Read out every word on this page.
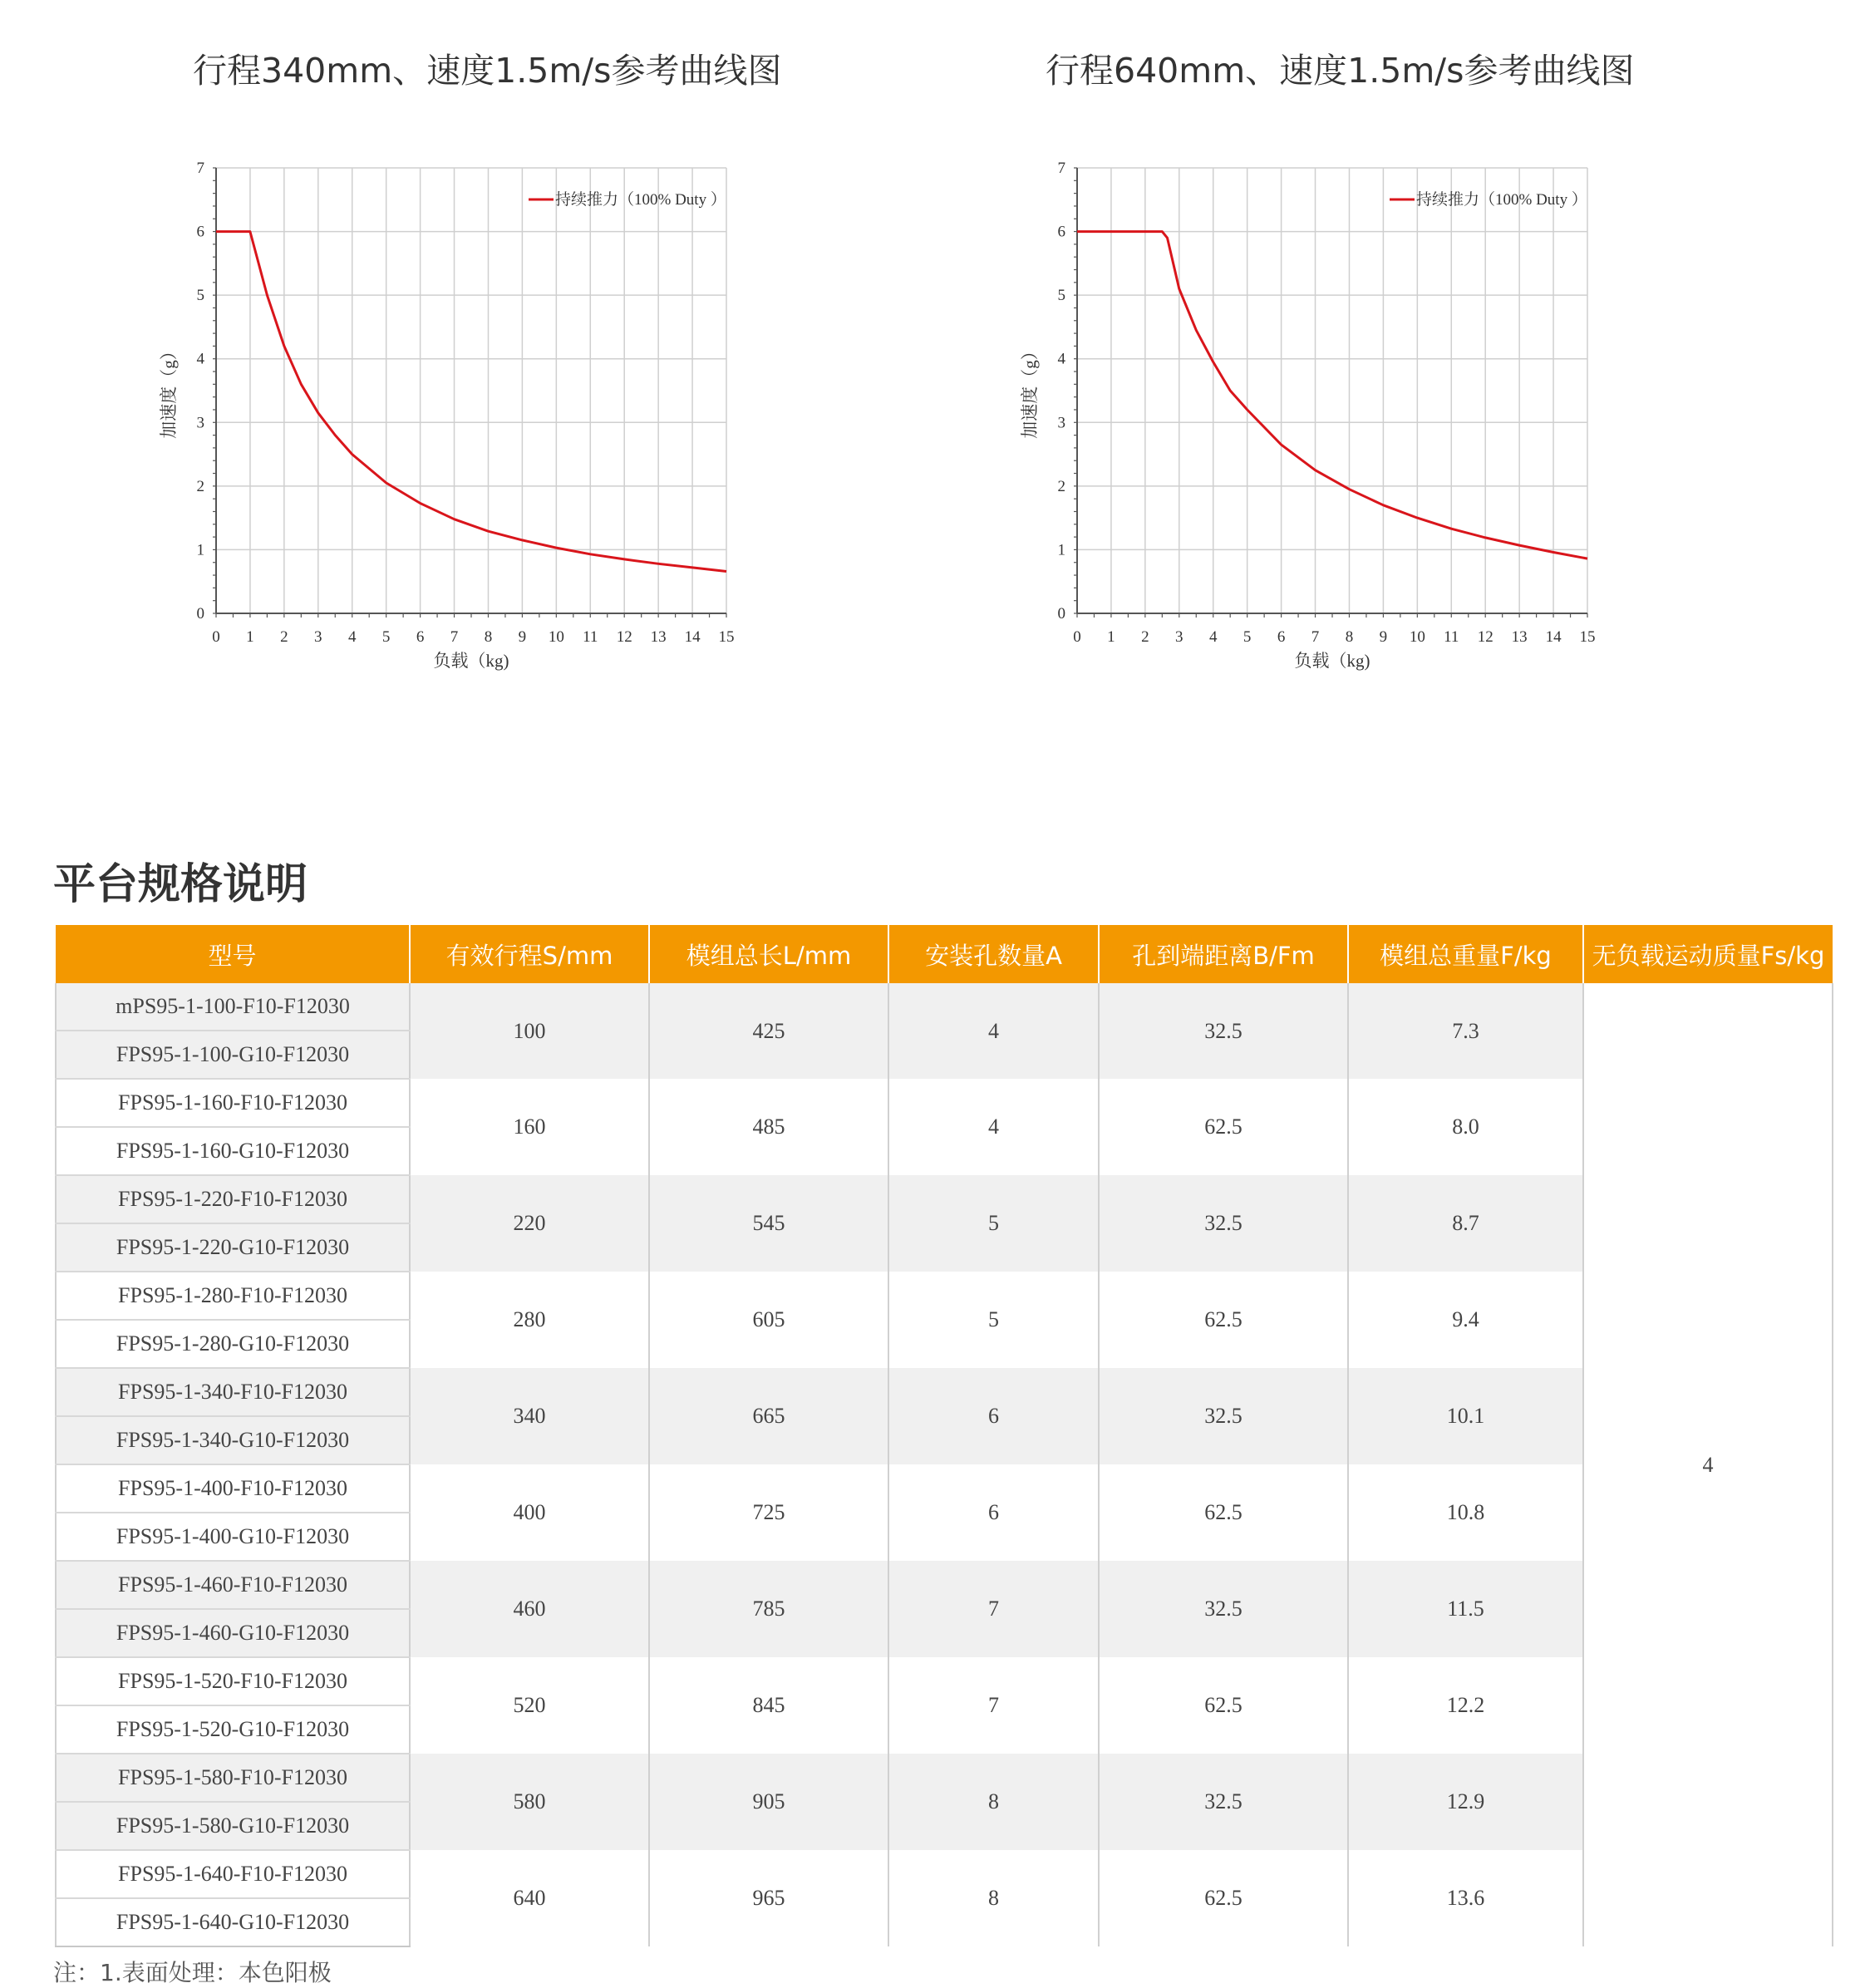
行程340mm、速度1.5m/s参考曲线图
0 1 2 3 4 5 6 7 8 9 10 11 12 13 14 15
0
1
2
3
4
5
6
7
负载（kg)
加速度（g）
持续推力（100% Duty ）
行程640mm、速度1.5m/s参考曲线图
0 1 2 3 4 5 6 7 8 9 10 11 12 13 14 15
0
1
2
3
4
5
6
7
负载（kg)
加速度（g）
持续推力（100% Duty ）
平台规格说明
型号	有效行程S/mm	模组总长L/mm	安装孔数量A	孔到端距离B/Fm	模组总重量F/kg	无负载运动质量Fs/kg
mPS95-1-100-F10-F12030	100	425	4	32.5	7.3	4
FPS95-1-100-G10-F12030						
FPS95-1-160-F10-F12030	160	485	4	62.5	8.0	
FPS95-1-160-G10-F12030						
FPS95-1-220-F10-F12030	220	545	5	32.5	8.7	
FPS95-1-220-G10-F12030						
FPS95-1-280-F10-F12030	280	605	5	62.5	9.4	
FPS95-1-280-G10-F12030						
FPS95-1-340-F10-F12030	340	665	6	32.5	10.1	
FPS95-1-340-G10-F12030						
FPS95-1-400-F10-F12030	400	725	6	62.5	10.8	
FPS95-1-400-G10-F12030						
FPS95-1-460-F10-F12030	460	785	7	32.5	11.5	
FPS95-1-460-G10-F12030						
FPS95-1-520-F10-F12030	520	845	7	62.5	12.2	
FPS95-1-520-G10-F12030						
FPS95-1-580-F10-F12030	580	905	8	32.5	12.9	
FPS95-1-580-G10-F12030						
FPS95-1-640-F10-F12030	640	965	8	62.5	13.6	
FPS95-1-640-G10-F12030						
注：1.表面处理：本色阳极
